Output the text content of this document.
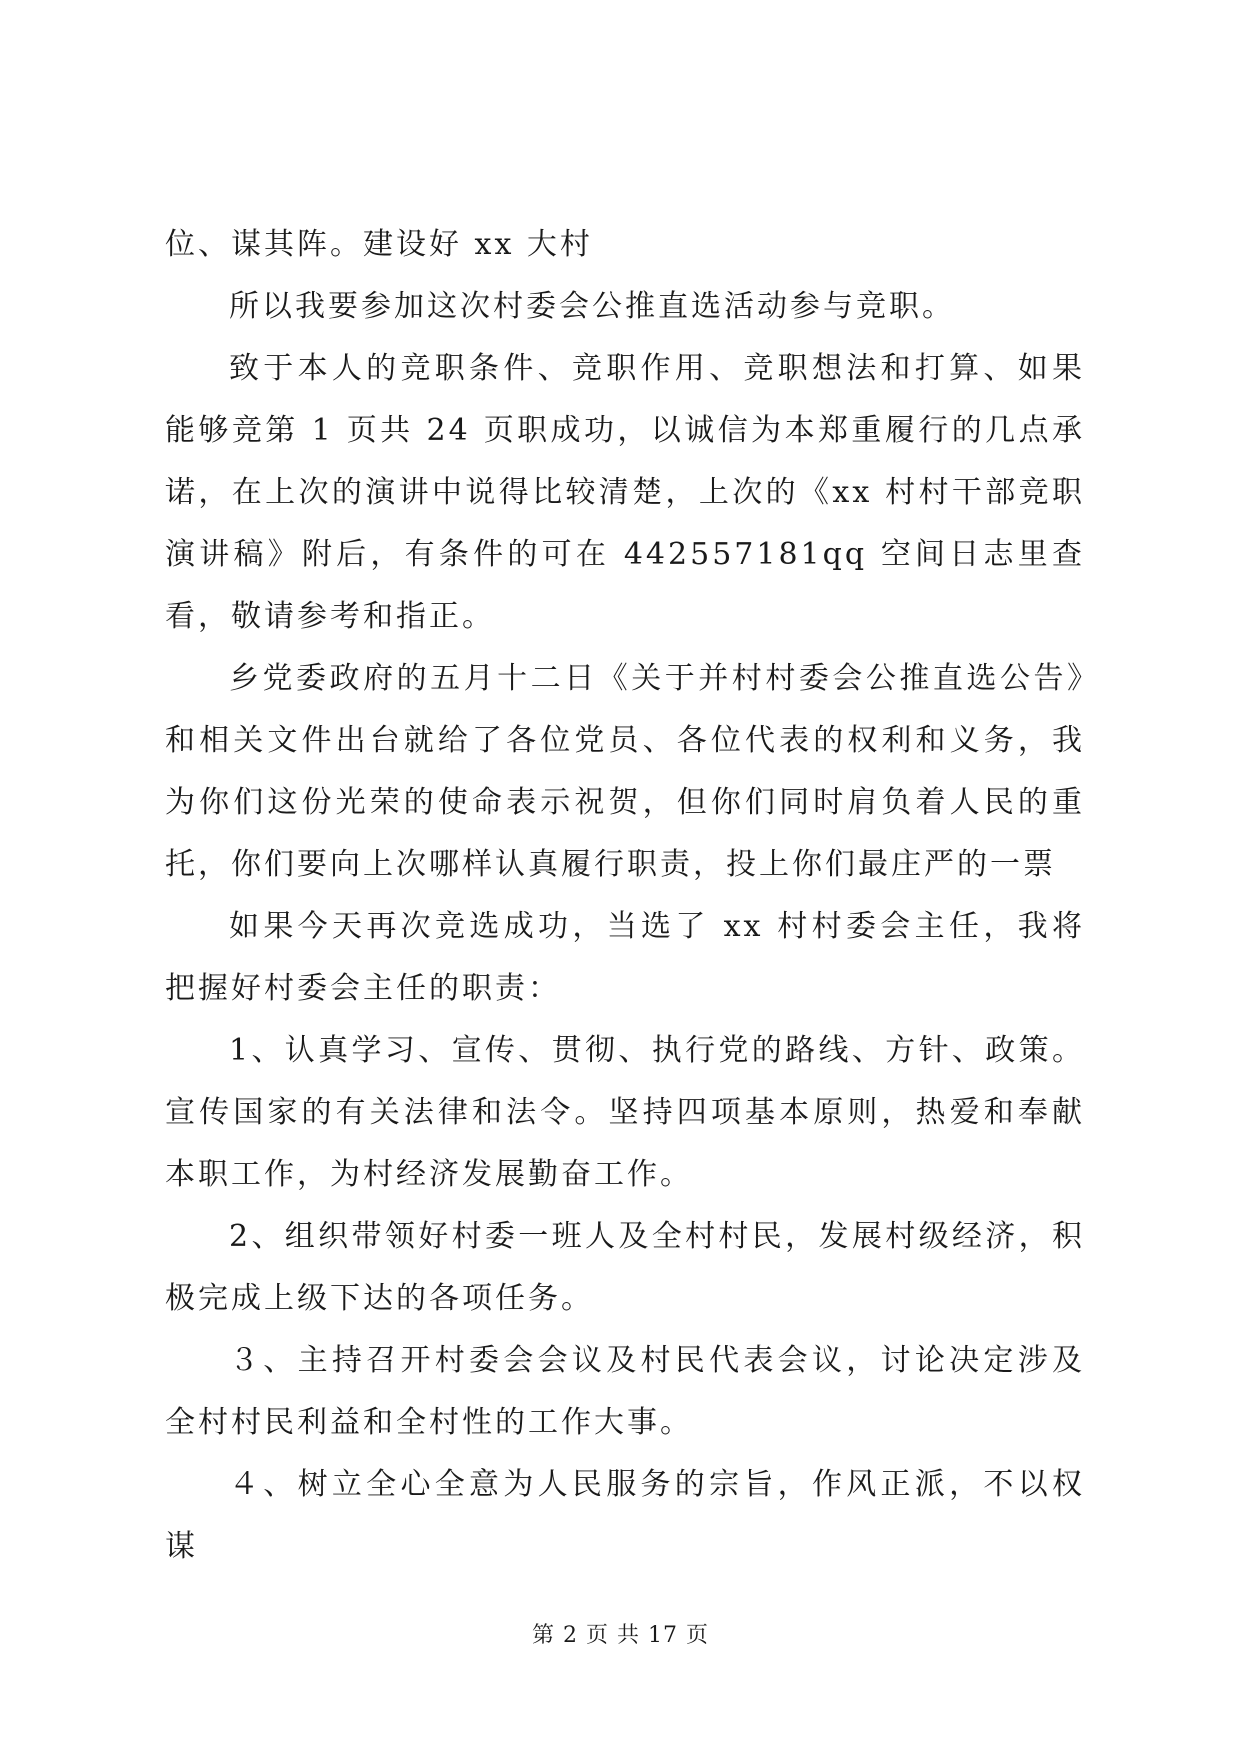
位、谋其阵。建设好 xx 大村

所以我要参加这次村委会公推直选活动参与竞职。

致于本人的竞职条件、竞职作用、竞职想法和打算、如果能够竞第 1 页共 24 页职成功，以诚信为本郑重履行的几点承诺，在上次的演讲中说得比较清楚，上次的《xx 村村干部竞职演讲稿》附后，有条件的可在 442557181qq 空间日志里查看，敬请参考和指正。

乡党委政府的五月十二日《关于并村村委会公推直选公告》和相关文件出台就给了各位党员、各位代表的权利和义务，我为你们这份光荣的使命表示祝贺，但你们同时肩负着人民的重托，你们要向上次哪样认真履行职责，投上你们最庄严的一票

如果今天再次竞选成功，当选了 xx 村村委会主任，我将把握好村委会主任的职责：

1、认真学习、宣传、贯彻、执行党的路线、方针、政策。宣传国家的有关法律和法令。坚持四项基本原则，热爱和奉献本职工作，为村经济发展勤奋工作。

2、组织带领好村委一班人及全村村民，发展村级经济，积极完成上级下达的各项任务。

３、主持召开村委会会议及村民代表会议，讨论决定涉及全村村民利益和全村性的工作大事。

４、树立全心全意为人民服务的宗旨，作风正派，不以权谋

第 2 页 共 17 页
